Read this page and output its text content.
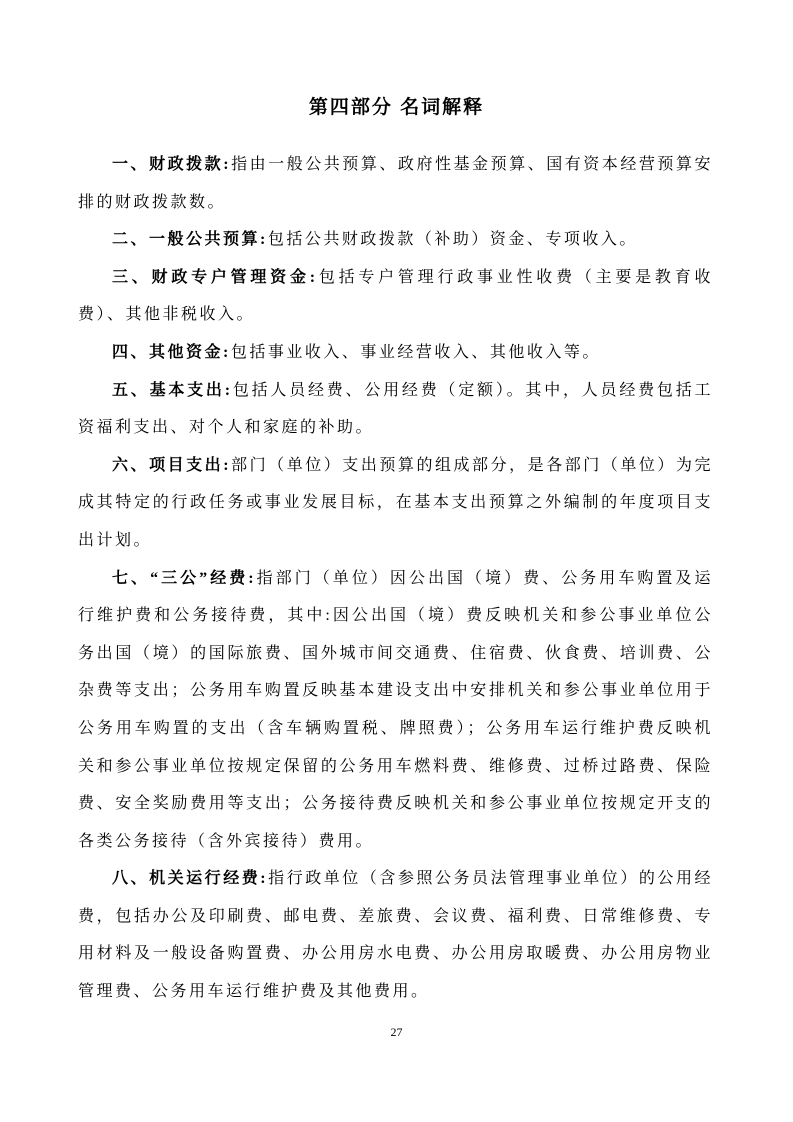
第四部分 名词解释

一、财政拨款:指由一般公共预算、政府性基金预算、国有资本经营预算安排的财政拨款数。

二、一般公共预算:包括公共财政拨款（补助）资金、专项收入。

三、财政专户管理资金:包括专户管理行政事业性收费（主要是教育收费）、其他非税收入。

四、其他资金:包括事业收入、事业经营收入、其他收入等。

五、基本支出:包括人员经费、公用经费（定额）。其中，人员经费包括工资福利支出、对个人和家庭的补助。

六、项目支出:部门（单位）支出预算的组成部分，是各部门（单位）为完成其特定的行政任务或事业发展目标，在基本支出预算之外编制的年度项目支出计划。

七、“三公”经费:指部门（单位）因公出国（境）费、公务用车购置及运行维护费和公务接待费，其中:因公出国（境）费反映机关和参公事业单位公务出国（境）的国际旅费、国外城市间交通费、住宿费、伙食费、培训费、公杂费等支出；公务用车购置反映基本建设支出中安排机关和参公事业单位用于公务用车购置的支出（含车辆购置税、牌照费）；公务用车运行维护费反映机关和参公事业单位按规定保留的公务用车燃料费、维修费、过桥过路费、保险费、安全奖励费用等支出；公务接待费反映机关和参公事业单位按规定开支的各类公务接待（含外宾接待）费用。

八、机关运行经费:指行政单位（含参照公务员法管理事业单位）的公用经费，包括办公及印刷费、邮电费、差旅费、会议费、福利费、日常维修费、专用材料及一般设备购置费、办公用房水电费、办公用房取暖费、办公用房物业管理费、公务用车运行维护费及其他费用。

27
